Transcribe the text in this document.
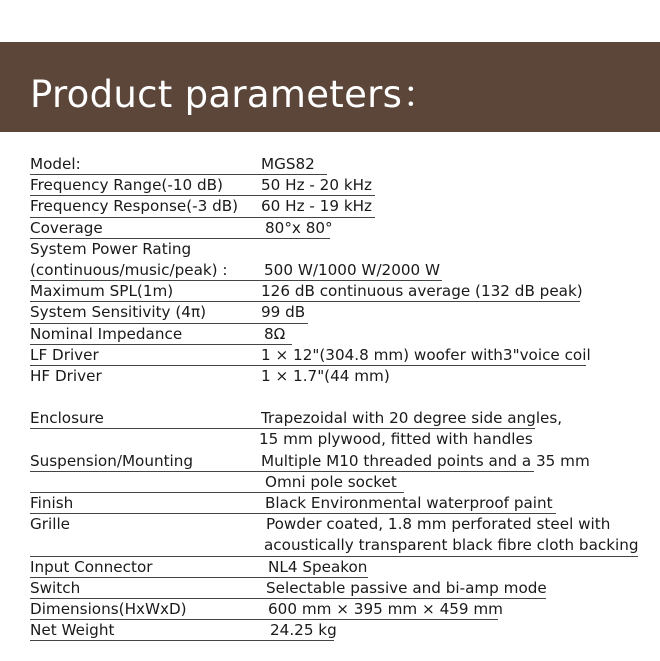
Product parameters：
Model:	MGS82
Frequency Range(-10 dB)	50 Hz - 20 kHz
Frequency Response(-3 dB) 60 Hz - 19 kHz
Coverage	80°x 80°
System Power Rating
(continuous/music/peak) : 500 W/1000 W/2000 W
Maximum SPL(1m)	126 dB continuous average (132 dB peak)
System Sensitivity (4π)	99 dB
Nominal Impedance	8Ω
LF Driver	1 × 12"(304.8 mm) woofer with3"voice coil
HF Driver	1 × 1.7"(44 mm)
Enclosure	Trapezoidal with 20 degree side angles,
15 mm plywood, fitted with handles
Suspension/Mounting	Multiple M10 threaded points and a 35 mm
Omni pole socket
Finish	Black Environmental waterproof paint
Grille	Powder coated, 1.8 mm perforated steel with
acoustically transparent black fibre cloth backing
Input Connector	NL4 Speakon
Switch	Selectable passive and bi-amp mode
Dimensions(HxWxD)	600 mm × 395 mm × 459 mm
Net Weight	24.25 kg
